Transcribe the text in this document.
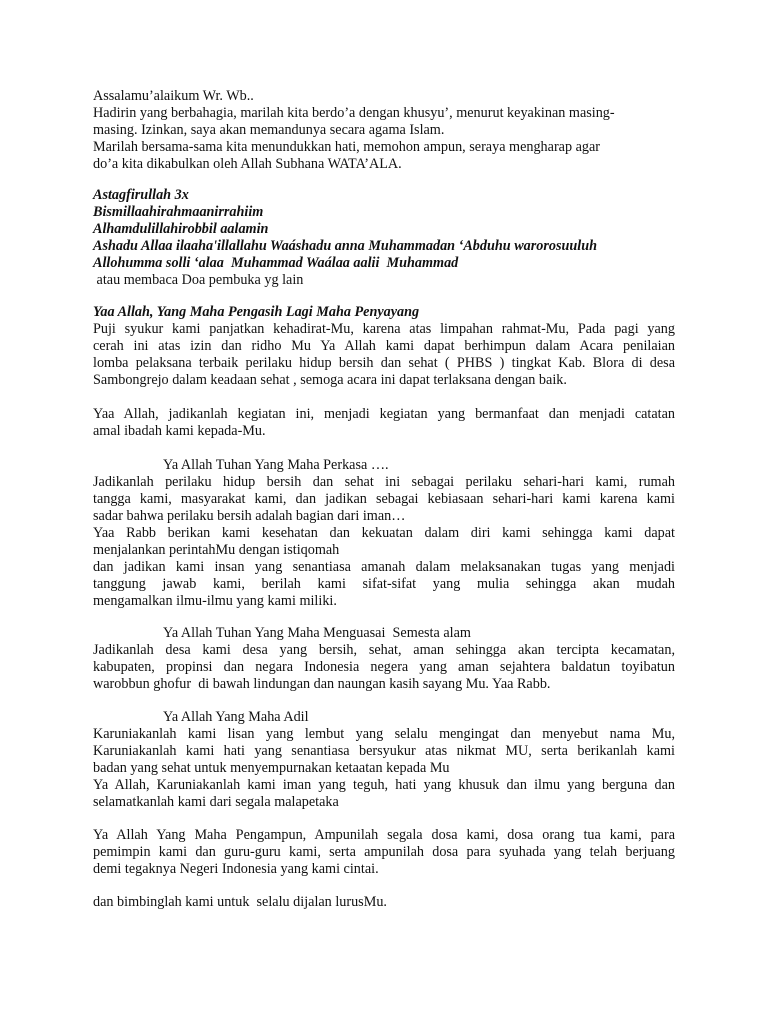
Assalamu’alaikum Wr. Wb..

Hadirin yang berbahagia, marilah kita berdo’a dengan khusyu’, menurut keyakinan masing-

masing. Izinkan, saya akan memandunya secara agama Islam.

Marilah bersama-sama kita menundukkan hati, memohon ampun, seraya mengharap agar

do’a kita dikabulkan oleh Allah Subhana WATA’ALA.

Astagfirullah 3x

Bismillaahirahmaanirrahiim

Alhamdulillahirobbil aalamin

Ashadu Allaa ilaaha'illallahu Waáshadu anna Muhammadan ‘Abduhu warorosuuluh

Allohumma solli ‘alaa  Muhammad Waálaa aalii  Muhammad

atau membaca Doa pembuka yg lain

Yaa Allah, Yang Maha Pengasih Lagi Maha Penyayang

Puji syukur kami panjatkan kehadirat-Mu, karena atas limpahan rahmat-Mu, Pada pagi yang
cerah ini atas izin dan ridho Mu Ya Allah kami dapat berhimpun dalam Acara penilaian
lomba pelaksana terbaik perilaku hidup bersih dan sehat ( PHBS ) tingkat Kab. Blora di desa

Sambongrejo dalam keadaan sehat , semoga acara ini dapat terlaksana dengan baik.

Yaa Allah, jadikanlah kegiatan ini, menjadi kegiatan yang bermanfaat dan menjadi catatan

amal ibadah kami kepada-Mu.

Ya Allah Tuhan Yang Maha Perkasa ….

Jadikanlah perilaku hidup bersih dan sehat ini sebagai perilaku sehari-hari kami, rumah
tangga kami, masyarakat kami, dan jadikan sebagai kebiasaan sehari-hari kami karena kami

sadar bahwa perilaku bersih adalah bagian dari iman…

Yaa Rabb berikan kami kesehatan dan kekuatan dalam diri kami sehingga kami dapat

menjalankan perintahMu dengan istiqomah

dan jadikan kami insan yang senantiasa amanah dalam melaksanakan tugas yang menjadi
tanggung jawab kami, berilah kami sifat-sifat yang mulia sehingga akan mudah

mengamalkan ilmu-ilmu yang kami miliki.

Ya Allah Tuhan Yang Maha Menguasai  Semesta alam

Jadikanlah desa kami desa yang bersih, sehat, aman sehingga akan tercipta kecamatan,
kabupaten, propinsi dan negara Indonesia negera yang aman sejahtera baldatun toyibatun

warobbun ghofur  di bawah lindungan dan naungan kasih sayang Mu. Yaa Rabb.

Ya Allah Yang Maha Adil

Karuniakanlah kami lisan yang lembut yang selalu mengingat dan menyebut nama Mu,
Karuniakanlah kami hati yang senantiasa bersyukur atas nikmat MU, serta berikanlah kami

badan yang sehat untuk menyempurnakan ketaatan kepada Mu

Ya Allah, Karuniakanlah kami iman yang teguh, hati yang khusuk dan ilmu yang berguna dan

selamatkanlah kami dari segala malapetaka

Ya Allah Yang Maha Pengampun, Ampunilah segala dosa kami, dosa orang tua kami, para
pemimpin kami dan guru-guru kami, serta ampunilah dosa para syuhada yang telah berjuang

demi tegaknya Negeri Indonesia yang kami cintai.

dan bimbinglah kami untuk  selalu dijalan lurusMu.
